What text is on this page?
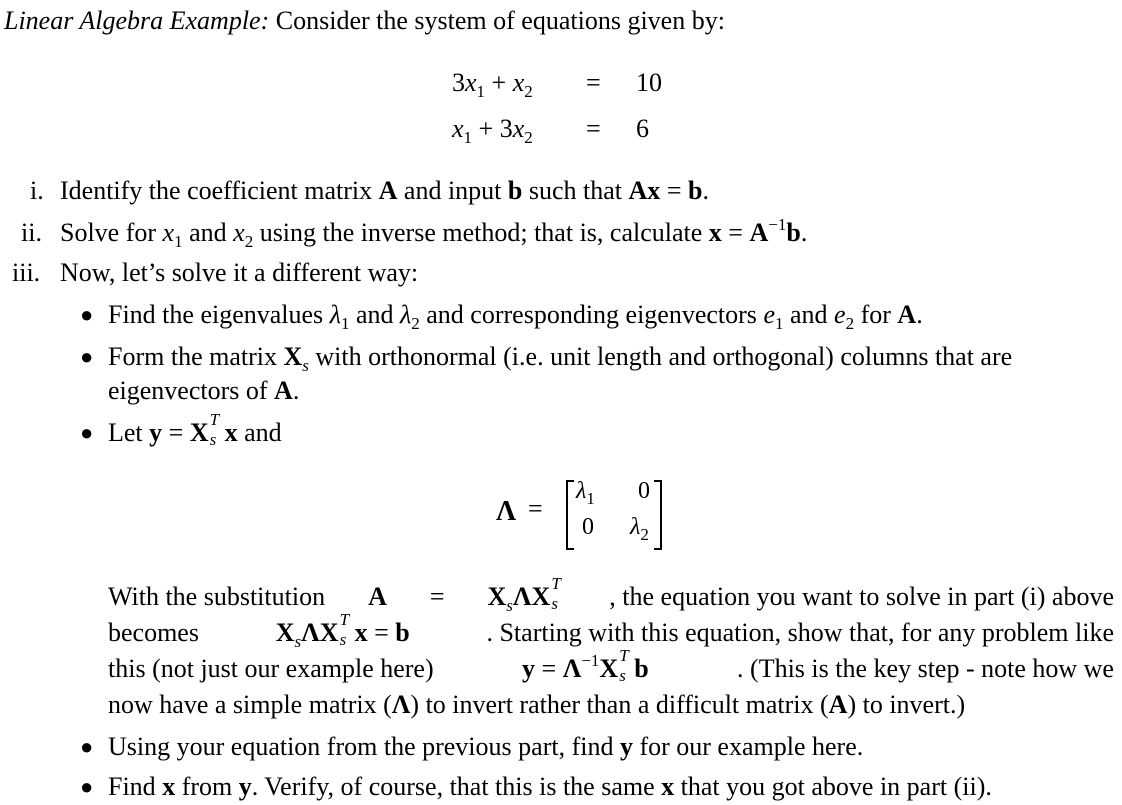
Linear Algebra Example: Consider the system of equations given by:
$3x_1 + x_2 = 10$
$x_1 + 3x_2 = 6$
i. Identify the coefficient matrix A and input b such that Ax = b.
ii. Solve for $x_1$ and $x_2$ using the inverse method; that is, calculate $x = A^{-1}b$.
iii. Now, let’s solve it a different way:
● Find the eigenvalues $\lambda_1$ and $\lambda_2$ and corresponding eigenvectors $e_1$ and $e_2$ for A.
● Form the matrix $X_s$ with orthonormal (i.e. unit length and orthogonal) columns that are
eigenvectors of A.
● Let y = X T
s x and
Λ =
$\lambda_1$ 0
0 $\lambda_2$
With the substitution $A = X_s\Lambda X$ T
s , the equation you want to solve in part (i) above
becomes	$X_s\Lambda X$ T
s x = b	. Starting with this equation, show that, for any problem like
this (not just our example here)	$y = \Lambda^{-1}X$ T
s b	. (This is the key step - note how we
now have a simple matrix (Λ) to invert rather than a difficult matrix (A) to invert.)
● Using your equation from the previous part, find y for our example here.
● Find x from y. Verify, of course, that this is the same x that you got above in part (ii).
